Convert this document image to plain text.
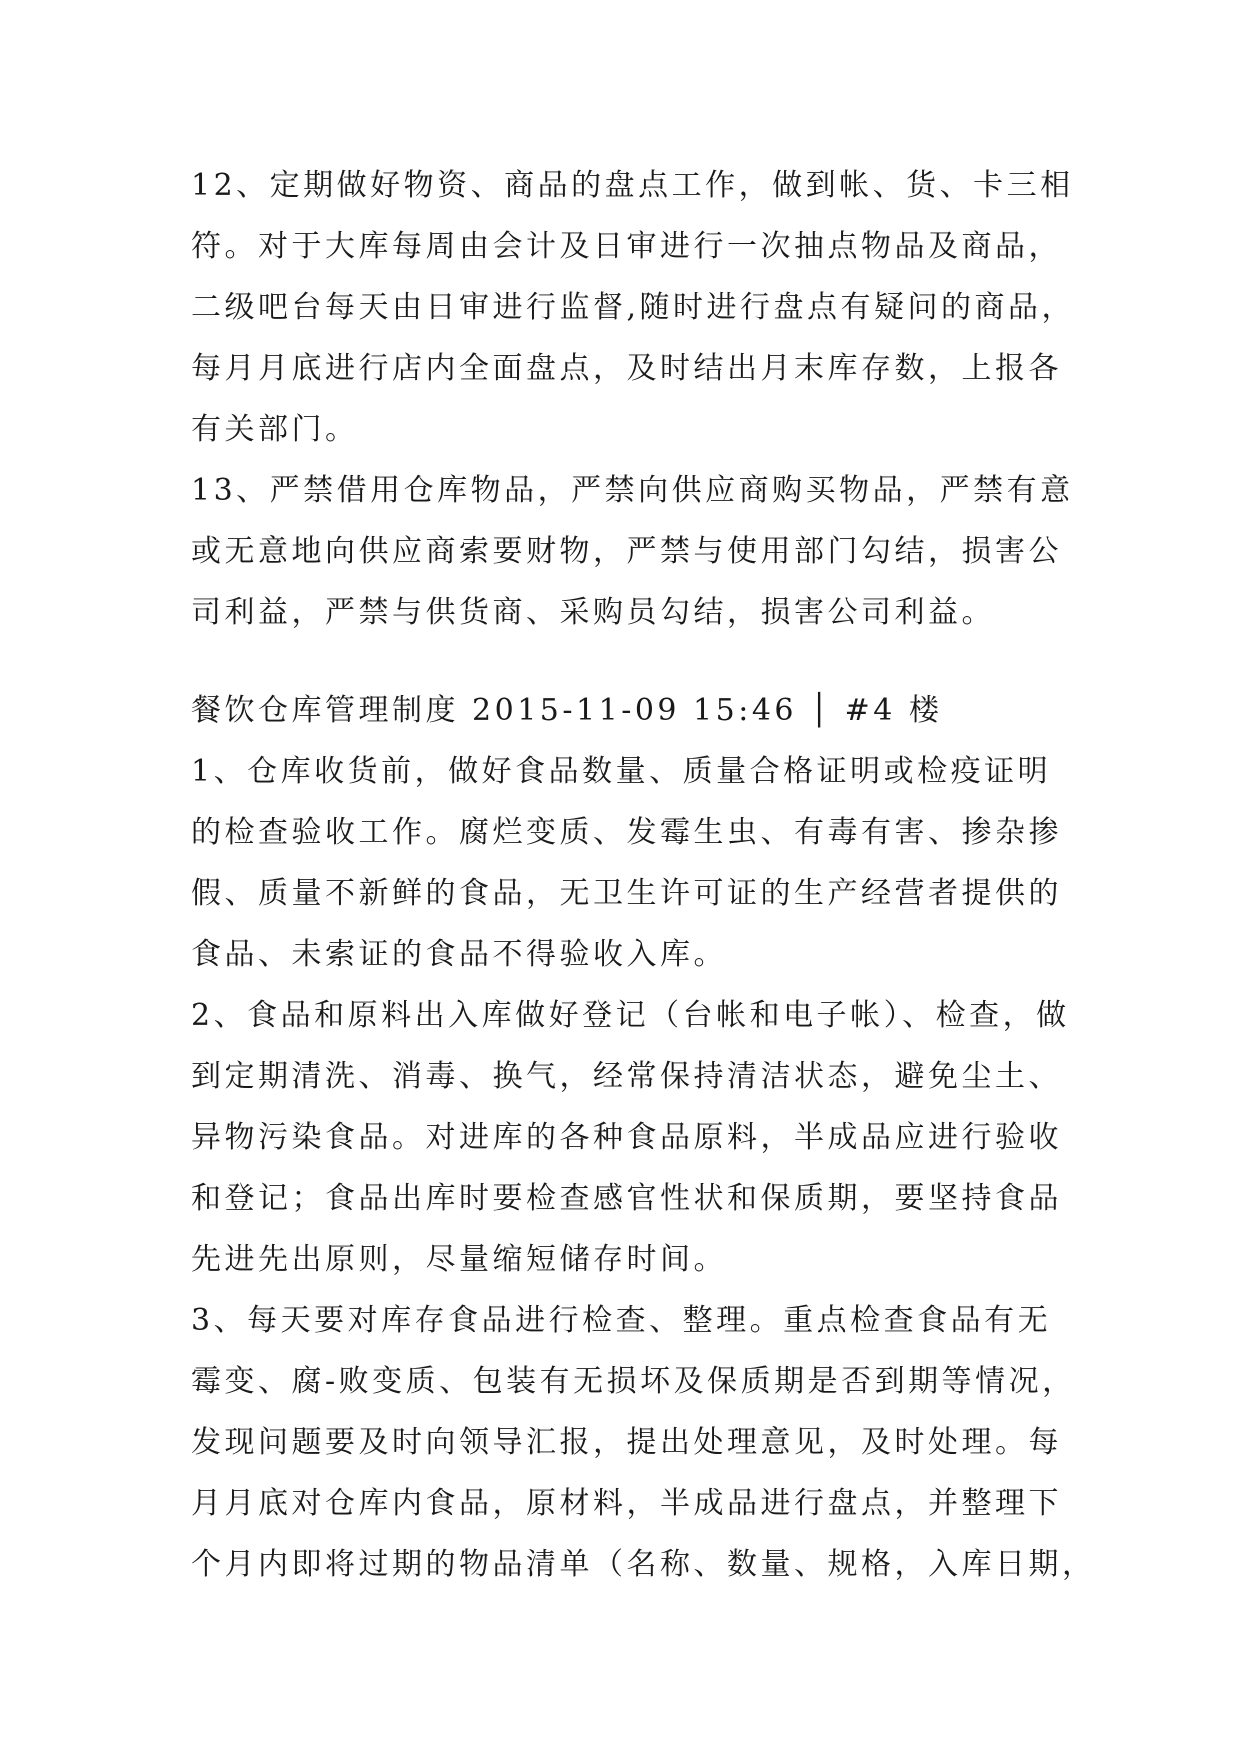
12、定期做好物资、商品的盘点工作，做到帐、货、卡三相
符。对于大库每周由会计及日审进行一次抽点物品及商品，
二级吧台每天由日审进行监督,随时进行盘点有疑问的商品，
每月月底进行店内全面盘点，及时结出月末库存数，上报各
有关部门。
13、严禁借用仓库物品，严禁向供应商购买物品，严禁有意
或无意地向供应商索要财物，严禁与使用部门勾结，损害公
司利益，严禁与供货商、采购员勾结，损害公司利益。
餐饮仓库管理制度 2015-11-09 15:46 │ #4 楼
1、仓库收货前，做好食品数量、质量合格证明或检疫证明
的检查验收工作。腐烂变质、发霉生虫、有毒有害、掺杂掺
假、质量不新鲜的食品，无卫生许可证的生产经营者提供的
食品、未索证的食品不得验收入库。
2、食品和原料出入库做好登记（台帐和电子帐）、检查，做
到定期清洗、消毒、换气，经常保持清洁状态，避免尘土、
异物污染食品。对进库的各种食品原料，半成品应进行验收
和登记；食品出库时要检查感官性状和保质期，要坚持食品
先进先出原则，尽量缩短储存时间。
3、每天要对库存食品进行检查、整理。重点检查食品有无
霉变、腐-败变质、包装有无损坏及保质期是否到期等情况，
发现问题要及时向领导汇报，提出处理意见，及时处理。每
月月底对仓库内食品，原材料，半成品进行盘点，并整理下
个月内即将过期的物品清单（名称、数量、规格，入库日期，
